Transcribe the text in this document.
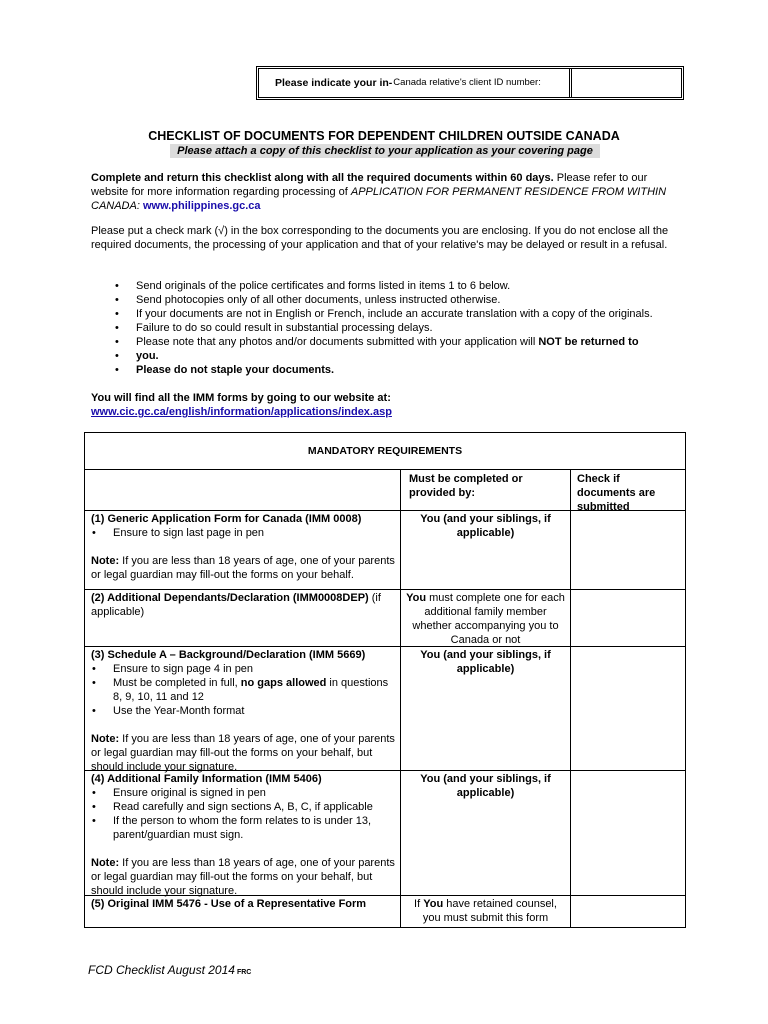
Please indicate your in- Canada relative's client ID number:
CHECKLIST OF DOCUMENTS FOR DEPENDENT CHILDREN OUTSIDE CANADA
Please attach a copy of this checklist to your application as your covering page
Complete and return this checklist along with all the required documents within 60 days. Please refer to our website for more information regarding processing of APPLICATION FOR PERMANENT RESIDENCE FROM WITHIN CANADA: www.philippines.gc.ca
Please put a check mark (√) in the box corresponding to the documents you are enclosing. If you do not enclose all the required documents, the processing of your application and that of your relative's may be delayed or result in a refusal.
• Send originals of the police certificates and forms listed in items 1 to 6 below.
• Send photocopies only of all other documents, unless instructed otherwise.
• If your documents are not in English or French, include an accurate translation with a copy of the originals.
• Failure to do so could result in substantial processing delays.
• Please note that any photos and/or documents submitted with your application will NOT be returned to
• you.
• Please do not staple your documents.
You will find all the IMM forms by going to our website at:
www.cic.gc.ca/english/information/applications/index.asp
MANDATORY REQUIREMENTS
Must be completed or provided by:
Check if documents are submitted
(1) Generic Application Form for Canada (IMM 0008)
• Ensure to sign last page in pen
Note: If you are less than 18 years of age, one of your parents or legal guardian may fill-out the forms on your behalf.
You (and your siblings, if applicable)
(2) Additional Dependants/Declaration (IMM0008DEP) (if applicable)
You must complete one for each additional family member whether accompanying you to Canada or not
(3) Schedule A – Background/Declaration (IMM 5669)
• Ensure to sign page 4 in pen
• Must be completed in full, no gaps allowed in questions 8, 9, 10, 11 and 12
• Use the Year-Month format
Note: If you are less than 18 years of age, one of your parents or legal guardian may fill-out the forms on your behalf, but should include your signature.
You (and your siblings, if applicable)
(4) Additional Family Information (IMM 5406)
• Ensure original is signed in pen
• Read carefully and sign sections A, B, C, if applicable
• If the person to whom the form relates to is under 13, parent/guardian must sign.
Note: If you are less than 18 years of age, one of your parents or legal guardian may fill-out the forms on your behalf, but should include your signature.
You (and your siblings, if applicable)
(5) Original IMM 5476 - Use of a Representative Form	If You have retained counsel, you must submit this form
FCD Checklist August 2014 FRC
